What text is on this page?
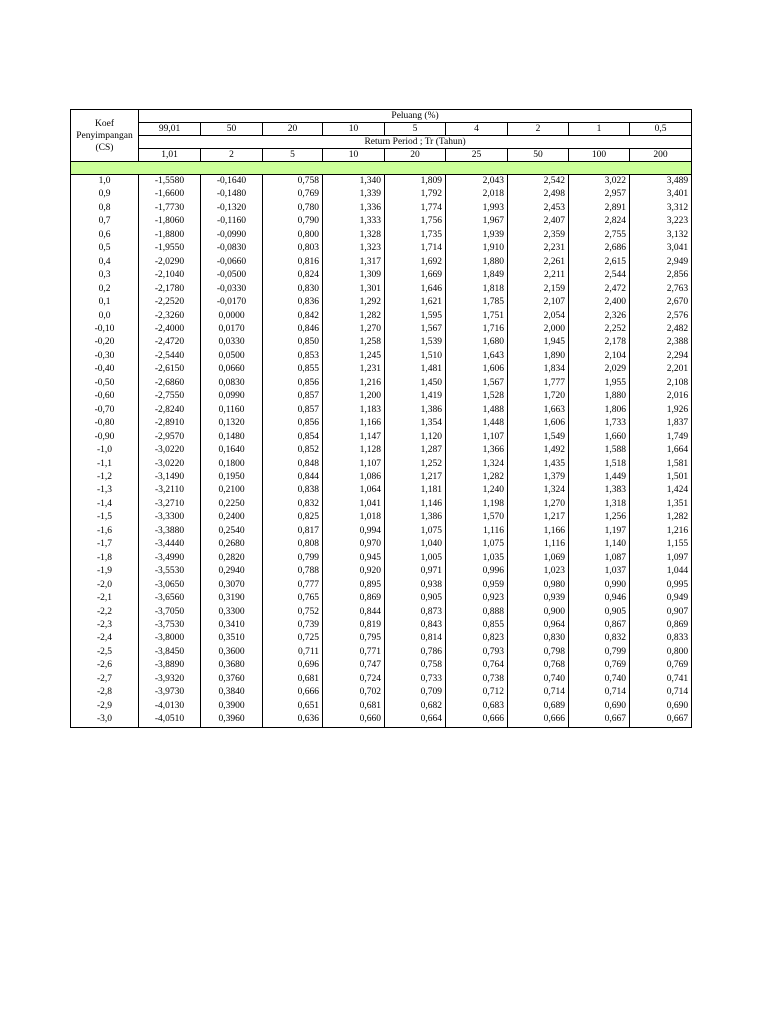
Koef
Penyimpangan
(CS)	Peluang (%)								
	99,01	50	20	10	5	4	2	1	0,5
	Return Period ; Tr (Tahun)								
	1,01	2	5	10	20	25	50	100	200

1,0	-1,5580	-0,1640	0,758	1,340	1,809	2,043	2,542	3,022	3,489
0,9	-1,6600	-0,1480	0,769	1,339	1,792	2,018	2,498	2,957	3,401
0,8	-1,7730	-0,1320	0,780	1,336	1,774	1,993	2,453	2,891	3,312
0,7	-1,8060	-0,1160	0,790	1,333	1,756	1,967	2,407	2,824	3,223
0,6	-1,8800	-0,0990	0,800	1,328	1,735	1,939	2,359	2,755	3,132
0,5	-1,9550	-0,0830	0,803	1,323	1,714	1,910	2,231	2,686	3,041
0,4	-2,0290	-0,0660	0,816	1,317	1,692	1,880	2,261	2,615	2,949
0,3	-2,1040	-0,0500	0,824	1,309	1,669	1,849	2,211	2,544	2,856
0,2	-2,1780	-0,0330	0,830	1,301	1,646	1,818	2,159	2,472	2,763
0,1	-2,2520	-0,0170	0,836	1,292	1,621	1,785	2,107	2,400	2,670
0,0	-2,3260	0,0000	0,842	1,282	1,595	1,751	2,054	2,326	2,576
-0,10	-2,4000	0,0170	0,846	1,270	1,567	1,716	2,000	2,252	2,482
-0,20	-2,4720	0,0330	0,850	1,258	1,539	1,680	1,945	2,178	2,388
-0,30	-2,5440	0,0500	0,853	1,245	1,510	1,643	1,890	2,104	2,294
-0,40	-2,6150	0,0660	0,855	1,231	1,481	1,606	1,834	2,029	2,201
-0,50	-2,6860	0,0830	0,856	1,216	1,450	1,567	1,777	1,955	2,108
-0,60	-2,7550	0,0990	0,857	1,200	1,419	1,528	1,720	1,880	2,016
-0,70	-2,8240	0,1160	0,857	1,183	1,386	1,488	1,663	1,806	1,926
-0,80	-2,8910	0,1320	0,856	1,166	1,354	1,448	1,606	1,733	1,837
-0,90	-2,9570	0,1480	0,854	1,147	1,120	1,107	1,549	1,660	1,749
-1,0	-3,0220	0,1640	0,852	1,128	1,287	1,366	1,492	1,588	1,664
-1,1	-3,0220	0,1800	0,848	1,107	1,252	1,324	1,435	1,518	1,581
-1,2	-3,1490	0,1950	0,844	1,086	1,217	1,282	1,379	1,449	1,501
-1,3	-3,2110	0,2100	0,838	1,064	1,181	1,240	1,324	1,383	1,424
-1,4	-3,2710	0,2250	0,832	1,041	1,146	1,198	1,270	1,318	1,351
-1,5	-3,3300	0,2400	0,825	1,018	1,386	1,570	1,217	1,256	1,282
-1,6	-3,3880	0,2540	0,817	0,994	1,075	1,116	1,166	1,197	1,216
-1,7	-3,4440	0,2680	0,808	0,970	1,040	1,075	1,116	1,140	1,155
-1,8	-3,4990	0,2820	0,799	0,945	1,005	1,035	1,069	1,087	1,097
-1,9	-3,5530	0,2940	0,788	0,920	0,971	0,996	1,023	1,037	1,044
-2,0	-3,0650	0,3070	0,777	0,895	0,938	0,959	0,980	0,990	0,995
-2,1	-3,6560	0,3190	0,765	0,869	0,905	0,923	0,939	0,946	0,949
-2,2	-3,7050	0,3300	0,752	0,844	0,873	0,888	0,900	0,905	0,907
-2,3	-3,7530	0,3410	0,739	0,819	0,843	0,855	0,964	0,867	0,869
-2,4	-3,8000	0,3510	0,725	0,795	0,814	0,823	0,830	0,832	0,833
-2,5	-3,8450	0,3600	0,711	0,771	0,786	0,793	0,798	0,799	0,800
-2,6	-3,8890	0,3680	0,696	0,747	0,758	0,764	0,768	0,769	0,769
-2,7	-3,9320	0,3760	0,681	0,724	0,733	0,738	0,740	0,740	0,741
-2,8	-3,9730	0,3840	0,666	0,702	0,709	0,712	0,714	0,714	0,714
-2,9	-4,0130	0,3900	0,651	0,681	0,682	0,683	0,689	0,690	0,690
-3,0	-4,0510	0,3960	0,636	0,660	0,664	0,666	0,666	0,667	0,667
